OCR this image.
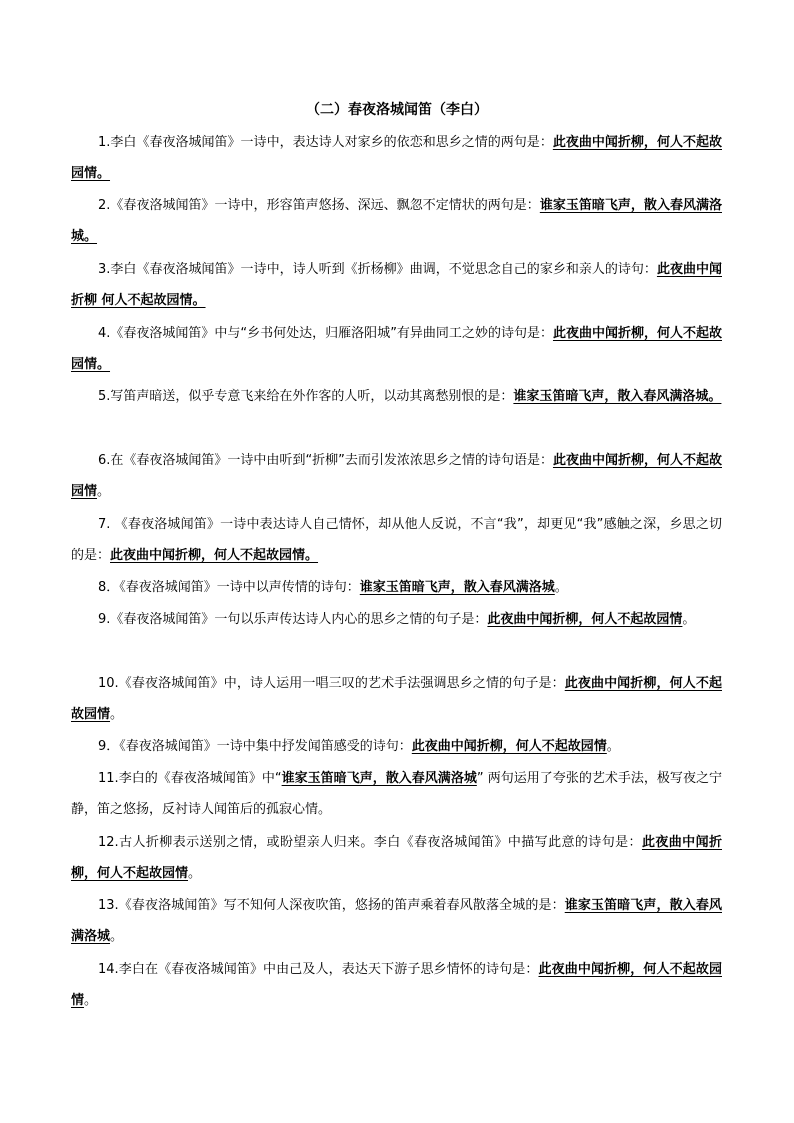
（二）春夜洛城闻笛（李白）

1.李白《春夜洛城闻笛》一诗中，表达诗人对家乡的依恋和思乡之情的两句是：此夜曲中闻折柳，何人不起故园情。

2.《春夜洛城闻笛》一诗中，形容笛声悠扬、深远、飘忽不定情状的两句是：谁家玉笛暗飞声，散入春风满洛城。

3.李白《春夜洛城闻笛》一诗中，诗人听到《折杨柳》曲调，不觉思念自己的家乡和亲人的诗句：此夜曲中闻折柳 何人不起故园情。

4.《春夜洛城闻笛》中与“乡书何处达，归雁洛阳城”有异曲同工之妙的诗句是：此夜曲中闻折柳，何人不起故园情。

5.写笛声暗送，似乎专意飞来给在外作客的人听，以动其离愁别恨的是：谁家玉笛暗飞声，散入春风满洛城。

6.在《春夜洛城闻笛》一诗中由听到“折柳”去而引发浓浓思乡之情的诗句语是：此夜曲中闻折柳，何人不起故园情。

7. 《春夜洛城闻笛》一诗中表达诗人自己情怀，却从他人反说，不言“我”，却更见“我”感触之深，乡思之切的是：此夜曲中闻折柳，何人不起故园情。

8．《春夜洛城闻笛》一诗中以声传情的诗句：谁家玉笛暗飞声，散入春风满洛城。

9.《春夜洛城闻笛》一句以乐声传达诗人内心的思乡之情的句子是：此夜曲中闻折柳，何人不起故园情。

10.《春夜洛城闻笛》中，诗人运用一唱三叹的艺术手法强调思乡之情的句子是：此夜曲中闻折柳，何人不起故园情。

9．《春夜洛城闻笛》一诗中集中抒发闻笛感受的诗句：此夜曲中闻折柳，何人不起故园情。

11.李白的《春夜洛城闻笛》中“谁家玉笛暗飞声，散入春风满洛城” 两句运用了夸张的艺术手法，极写夜之宁静，笛之悠扬，反衬诗人闻笛后的孤寂心情。

12.古人折柳表示送别之情，或盼望亲人归来。李白《春夜洛城闻笛》中描写此意的诗句是：此夜曲中闻折柳，何人不起故园情。

13.《春夜洛城闻笛》写不知何人深夜吹笛，悠扬的笛声乘着春风散落全城的是：谁家玉笛暗飞声，散入春风满洛城。

14.李白在《春夜洛城闻笛》中由己及人，表达天下游子思乡情怀的诗句是：此夜曲中闻折柳，何人不起故园情。
